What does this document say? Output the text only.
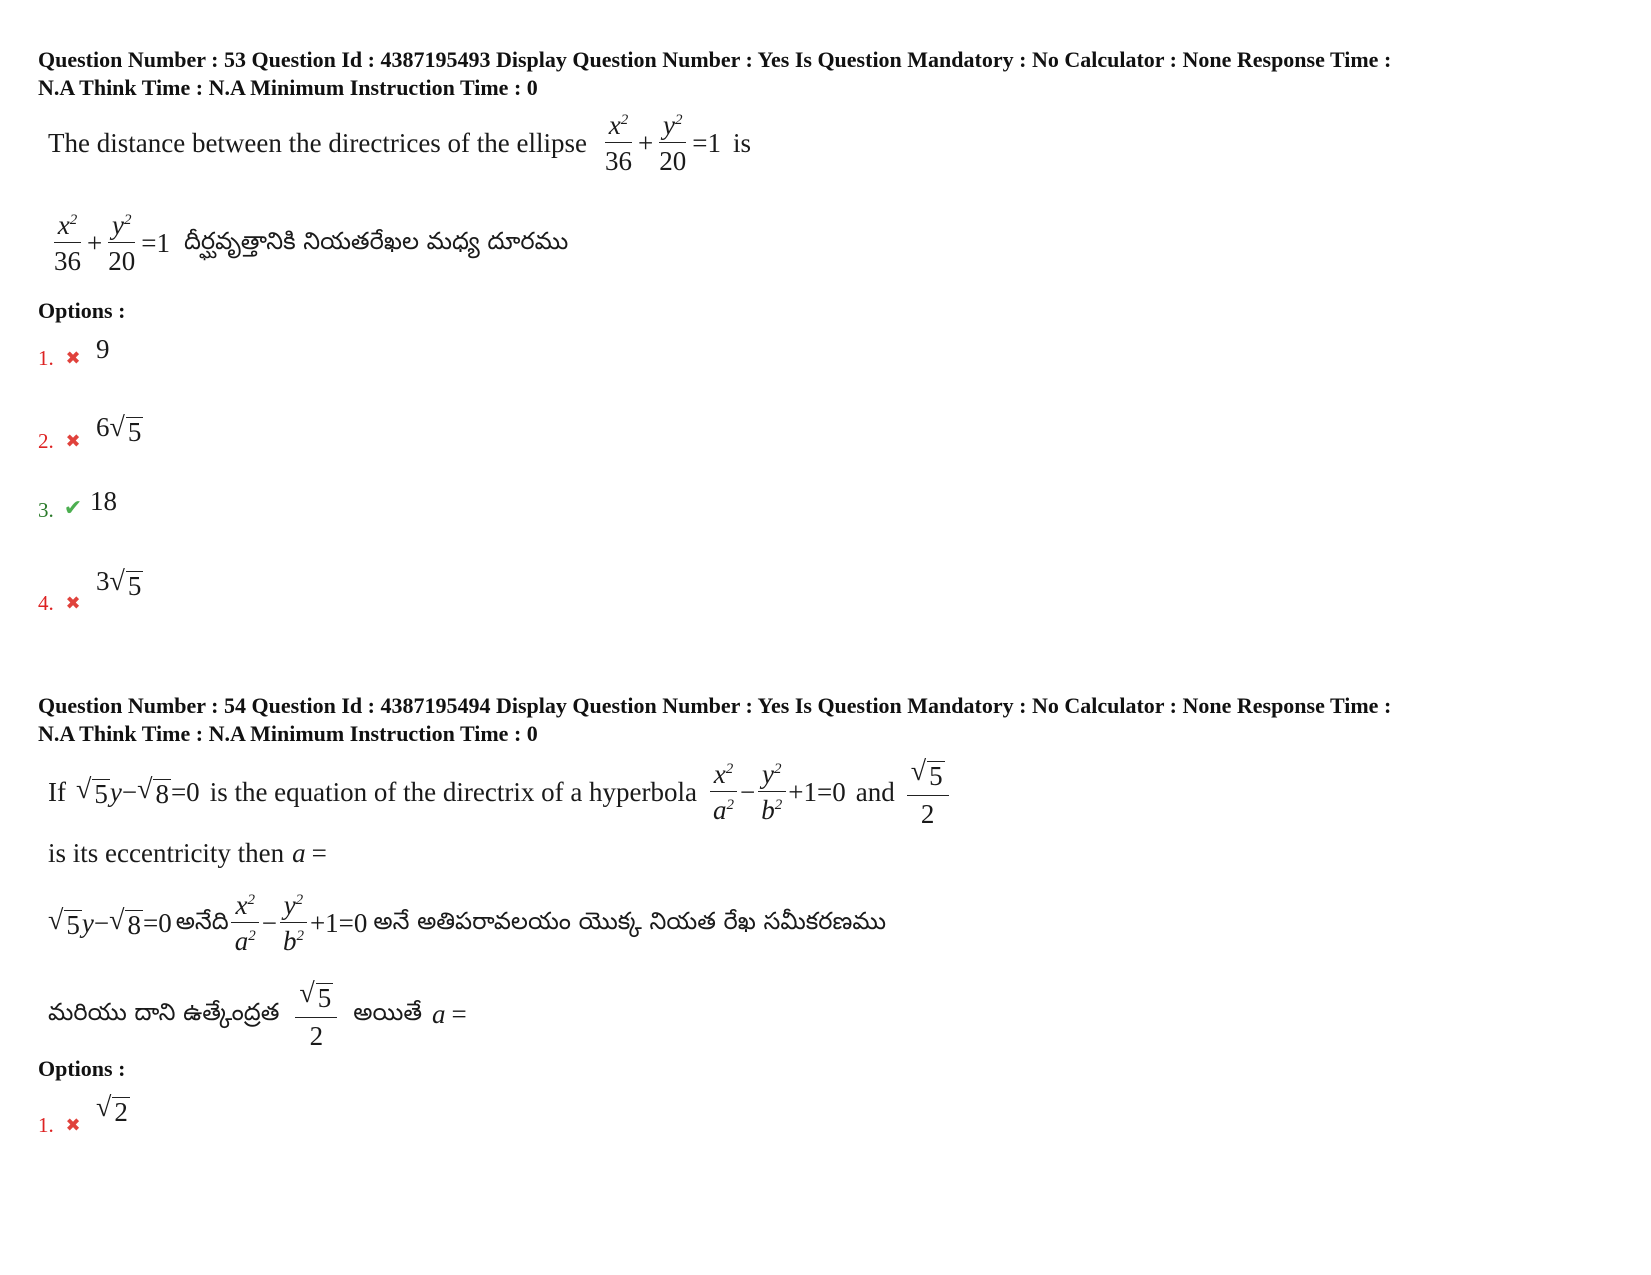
Question Number : 53 Question Id : 4387195493 Display Question Number : Yes Is Question Mandatory : No Calculator : None Response Time :
N.A Think Time : N.A Minimum Instruction Time : 0
The distance between the directrices of the ellipse $\frac{x^2}{36} + \frac{y^2}{20} =1$ is
$\frac{x^2}{36} + \frac{y^2}{20} =1$ దీర్ఘవృత్తానికి నియతరేఖల మధ్య దూరము
Options :
1. ✖ 9
2. ✖ 6 √ 5
3. ✔ 18
4. ✖
3 √ 5
Question Number : 54 Question Id : 4387195494 Display Question Number : Yes Is Question Mandatory : No Calculator : None Response Time :
N.A Think Time : N.A Minimum Instruction Time : 0
If √ 5 y − √ 8 =0 is the equation of the directrix of a hyperbola $\frac{x^2}{a^2} - \frac{y^2}{b^2} +1=0$ and $\frac{√ 5}{2}$
is its eccentricity then a =
√ 5 y − √ 8 =0 అనేది $\frac{x^2}{a^2} - \frac{y^2}{b^2} +1=0$ అనే అతిపరావలయం యొక్క నియత రేఖ సమీకరణము
మరియు దాని ఉత్కేంద్రత $\frac{√ 5}{2}$ అయితే a =
Options :
1. ✖
√ 2
